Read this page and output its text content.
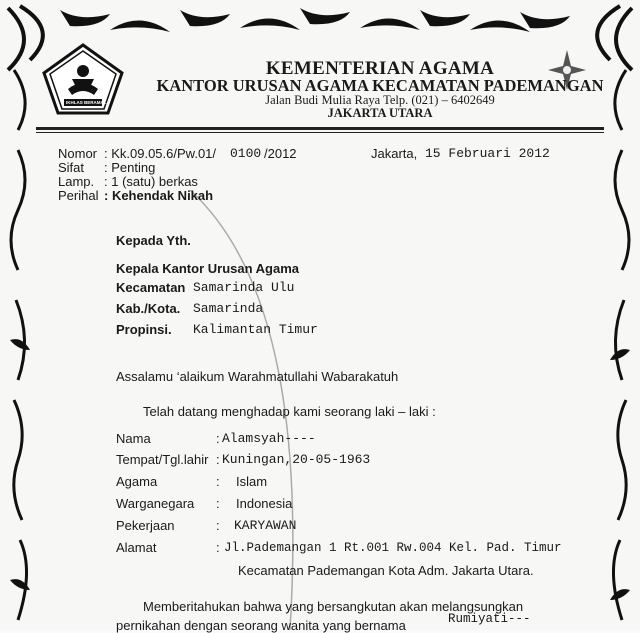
IKHLAS BERAMAL
KEMENTERIAN AGAMA
KANTOR URUSAN AGAMA KECAMATAN PADEMANGAN
Jalan Budi Mulia Raya Telp. (021) – 6402649
JAKARTA UTARA
Nomor : Kk.09.05.6/Pw.01/ 0100 /2012	Jakarta, 15 Februari 2012
Sifat : Penting
Lamp. : 1 (satu) berkas
Perihal : Kehendak Nikah
Kepada Yth.
Kepala Kantor Urusan Agama
Kecamatan Samarinda Ulu
Kab./Kota. Samarinda
Propinsi. Kalimantan Timur
Assalamu ‘alaikum Warahmatullahi Wabarakatuh
Telah datang menghadap kami seorang laki – laki :
Nama	: Alamsyah----
Tempat/Tgl.lahir : Kuningan,20-05-1963
Agama	: Islam
Warganegara : Indonesia
Pekerjaan	: KARYAWAN
Alamat	: Jl.Pademangan 1 Rt.001 Rw.004 Kel. Pad. Timur
Kecamatan Pademangan Kota Adm. Jakarta Utara.
Memberitahukan bahwa yang bersangkutan akan melangsungkan
pernikahan dengan seorang wanita yang bernama	Rumiyati---
